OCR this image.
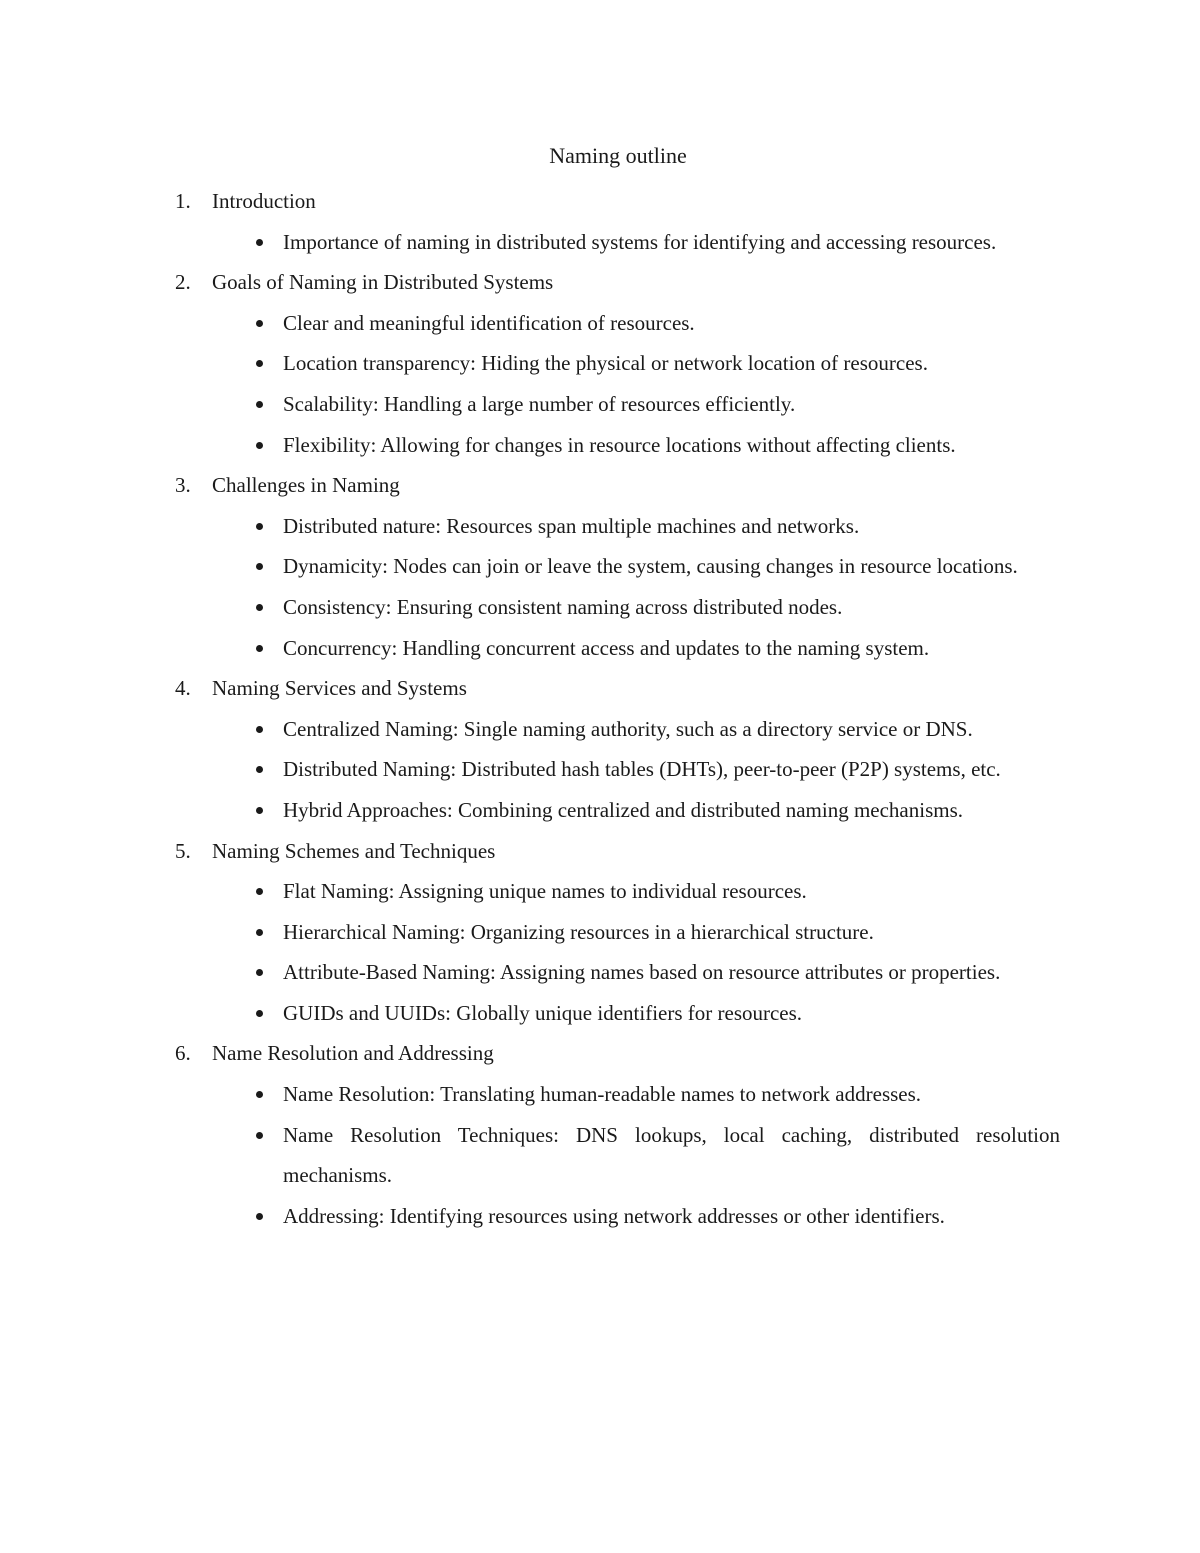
Naming outline
1. Introduction
Importance of naming in distributed systems for identifying and accessing resources.
2. Goals of Naming in Distributed Systems
Clear and meaningful identification of resources.
Location transparency: Hiding the physical or network location of resources.
Scalability: Handling a large number of resources efficiently.
Flexibility: Allowing for changes in resource locations without affecting clients.
3. Challenges in Naming
Distributed nature: Resources span multiple machines and networks.
Dynamicity: Nodes can join or leave the system, causing changes in resource locations.
Consistency: Ensuring consistent naming across distributed nodes.
Concurrency: Handling concurrent access and updates to the naming system.
4. Naming Services and Systems
Centralized Naming: Single naming authority, such as a directory service or DNS.
Distributed Naming: Distributed hash tables (DHTs), peer-to-peer (P2P) systems, etc.
Hybrid Approaches: Combining centralized and distributed naming mechanisms.
5. Naming Schemes and Techniques
Flat Naming: Assigning unique names to individual resources.
Hierarchical Naming: Organizing resources in a hierarchical structure.
Attribute-Based Naming: Assigning names based on resource attributes or properties.
GUIDs and UUIDs: Globally unique identifiers for resources.
6. Name Resolution and Addressing
Name Resolution: Translating human-readable names to network addresses.
Name Resolution Techniques: DNS lookups, local caching, distributed resolution mechanisms.
Addressing: Identifying resources using network addresses or other identifiers.
